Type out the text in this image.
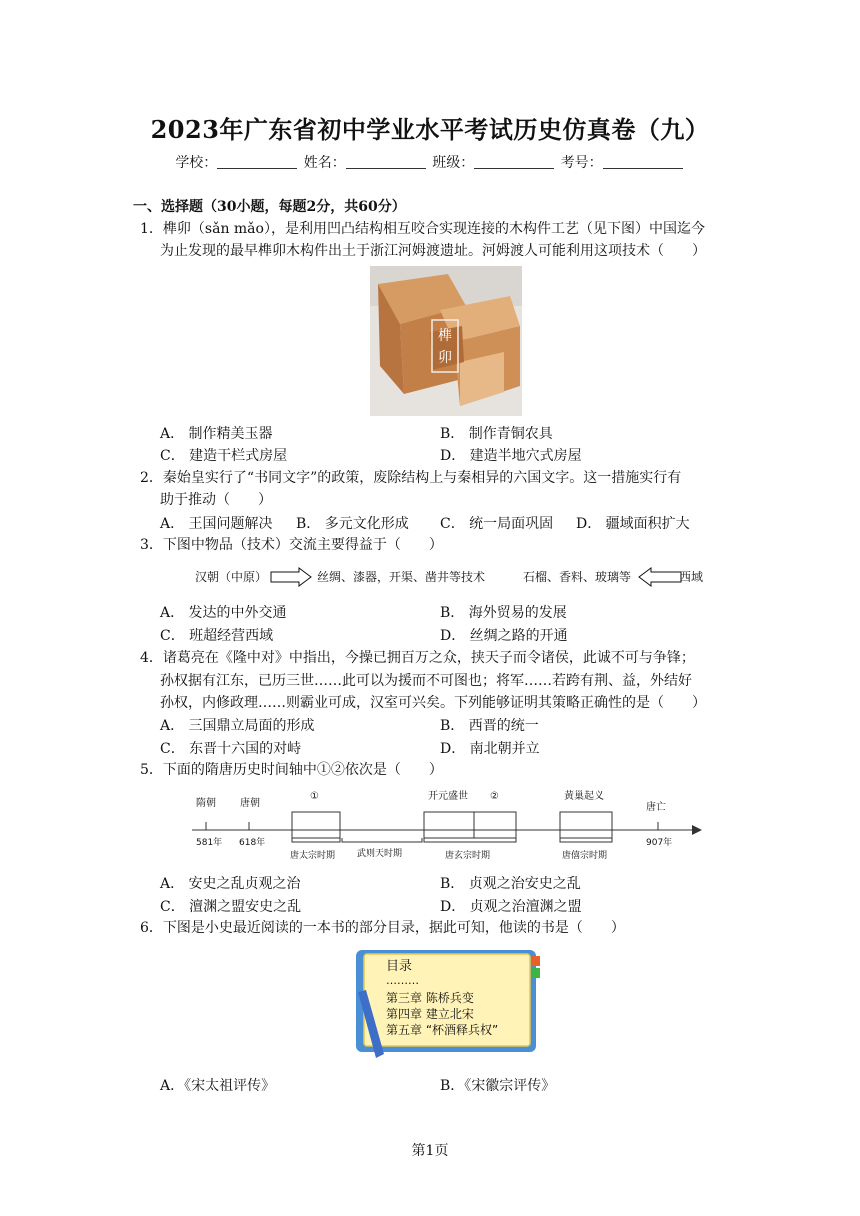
2023年广东省初中学业水平考试历史仿真卷（九）
学校：	姓名：	班级：	考号：
一、选择题（30小题，每题2分，共60分）
1．榫卯（sǎn mǎo），是利用凹凸结构相互咬合实现连接的木构件工艺（见下图）中国迄今
为止发现的最早榫卯木构件出土于浙江河姆渡遗址。河姆渡人可能利用这项技术（　　）
榫
卯
A． 制作精美玉器	B． 制作青铜农具
C． 建造干栏式房屋	D． 建造半地穴式房屋
2．秦始皇实行了“书同文字”的政策，废除结构上与秦相异的六国文字。这一措施实行有
助于推动（　　）
A． 王国问题解决 B． 多元文化形成 C． 统一局面巩固 D． 疆域面积扩大
3．下图中物品（技术）交流主要得益于（　　）
汉朝（中原）	丝绸、漆器，开渠、凿井等技术	石榴、香料、玻璃等	西域
A． 发达的中外交通	B． 海外贸易的发展
C． 班超经营西域	D． 丝绸之路的开通
4．诸葛亮在《隆中对》中指出，今操已拥百万之众，挟天子而令诸侯，此诚不可与争锋；
孙权据有江东，已历三世……此可以为援而不可图也；将军……若跨有荆、益，外结好
孙权，内修政理……则霸业可成，汉室可兴矣。下列能够证明其策略正确性的是（　　）
A． 三国鼎立局面的形成	B． 西晋的统一
C． 东晋十六国的对峙	D． 南北朝并立
5．下面的隋唐历史时间轴中①②依次是（　　）
隋朝 唐朝
581年 618年
①	开元盛世 ②	黄巢起义
唐亡
907年
唐太宗时期 武则天时期	唐玄宗时期	唐僖宗时期
A． 安史之乱贞观之治	B． 贞观之治安史之乱
C． 澶渊之盟安史之乱	D． 贞观之治澶渊之盟
6．下图是小史最近阅读的一本书的部分目录，据此可知，他读的书是（　　）
目录
………
第三章 陈桥兵变
第四章 建立北宋
第五章 “杯酒释兵权”
A．《宋太祖评传》	B．《宋徽宗评传》
第1页
